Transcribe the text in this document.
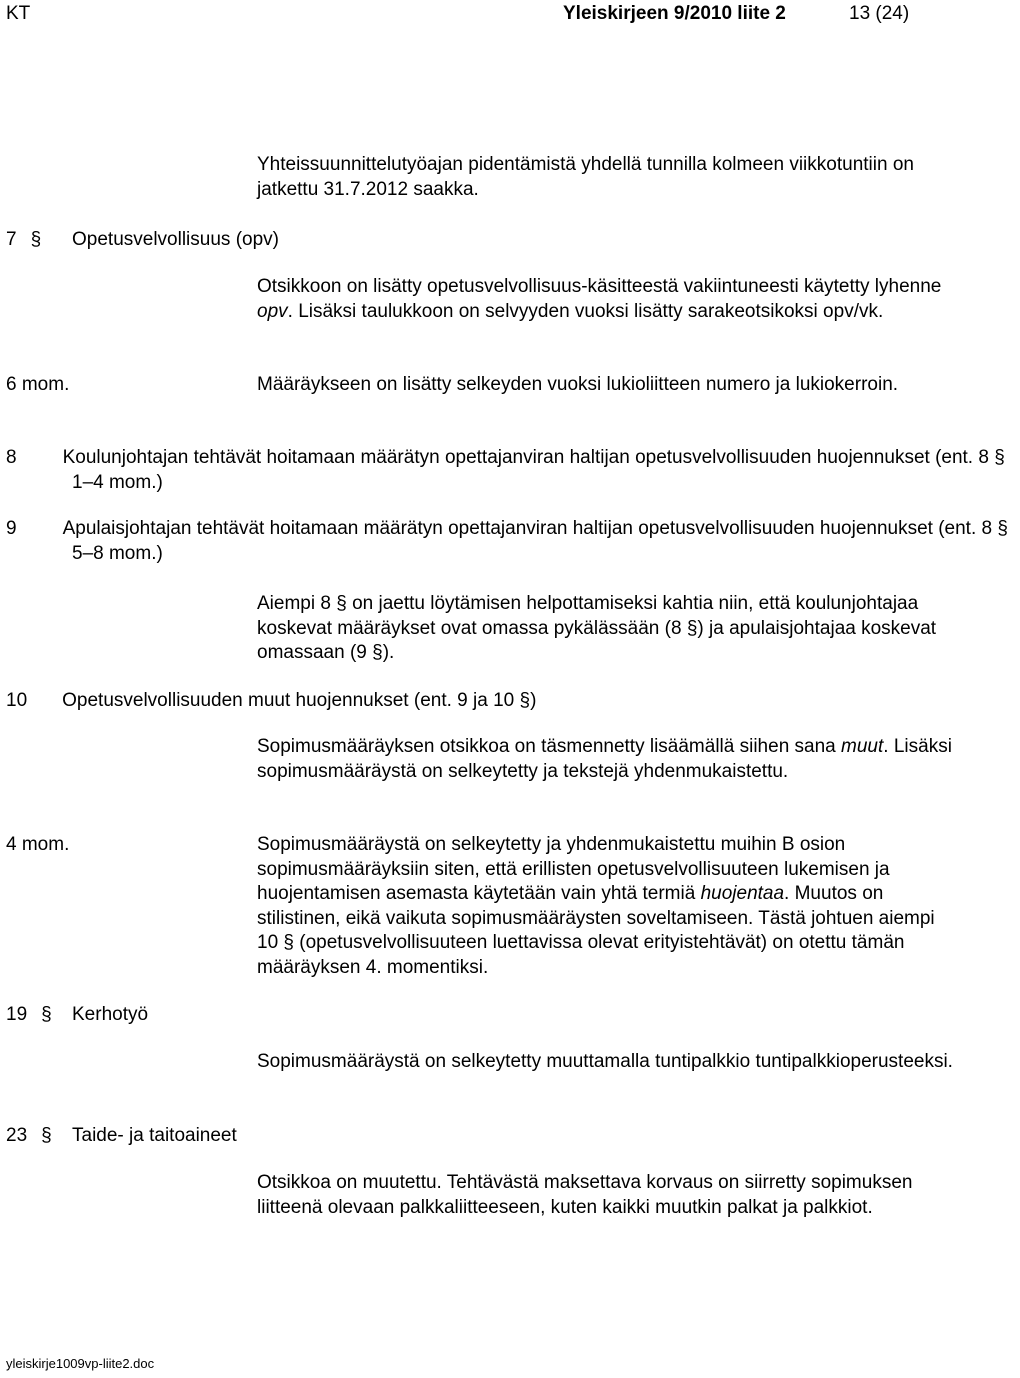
KT	Yleiskirjeen 9/2010 liite 2	13 (24)

Yhteissuunnittelutyöajan pidentämistä yhdellä tunnilla kolmeen viikkotuntiin on jatkettu 31.7.2012 saakka.

7 § Opetusvelvollisuus (opv)

Otsikkoon on lisätty opetusvelvollisuus-käsitteestä vakiintuneesti käytetty lyhenne opv. Lisäksi taulukkoon on selvyyden vuoksi lisätty sarakeotsikoksi opv/vk.

6 mom.	Määräykseen on lisätty selkeyden vuoksi lukioliitteen numero ja lukiokerroin.

8 Koulunjohtajan tehtävät hoitamaan määrätyn opettajanviran haltijan opetusvelvollisuuden huojennukset (ent. 8 § 1–4 mom.)

9 Apulaisjohtajan tehtävät hoitamaan määrätyn opettajanviran haltijan opetusvelvollisuuden huojennukset (ent. 8 § 5–8 mom.)

Aiempi 8 § on jaettu löytämisen helpottamiseksi kahtia niin, että koulunjohtajaa koskevat määräykset ovat omassa pykälässään (8 §) ja apulaisjohtajaa koskevat omassaan (9 §).

10 Opetusvelvollisuuden muut huojennukset (ent. 9 ja 10 §)

Sopimusmääräyksen otsikkoa on täsmennetty lisäämällä siihen sana muut. Lisäksi sopimusmääräystä on selkeytetty ja tekstejä yhdenmukaistettu.

4 mom.	Sopimusmääräystä on selkeytetty ja yhdenmukaistettu muihin B osion sopimusmääräyksiin siten, että erillisten opetusvelvollisuuteen lukemisen ja huojentamisen asemasta käytetään vain yhtä termiä huojentaa. Muutos on stilistinen, eikä vaikuta sopimusmääräysten soveltamiseen. Tästä johtuen aiempi 10 § (opetusvelvollisuuteen luettavissa olevat erityistehtävät) on otettu tämän määräyksen 4. momentiksi.

19 § Kerhotyö

Sopimusmääräystä on selkeytetty muuttamalla tuntipalkkio tuntipalkkioperusteeksi.

23 § Taide- ja taitoaineet

Otsikkoa on muutettu. Tehtävästä maksettava korvaus on siirretty sopimuksen liitteenä olevaan palkkaliitteeseen, kuten kaikki muutkin palkat ja palkkiot.

yleiskirje1009vp-liite2.doc
